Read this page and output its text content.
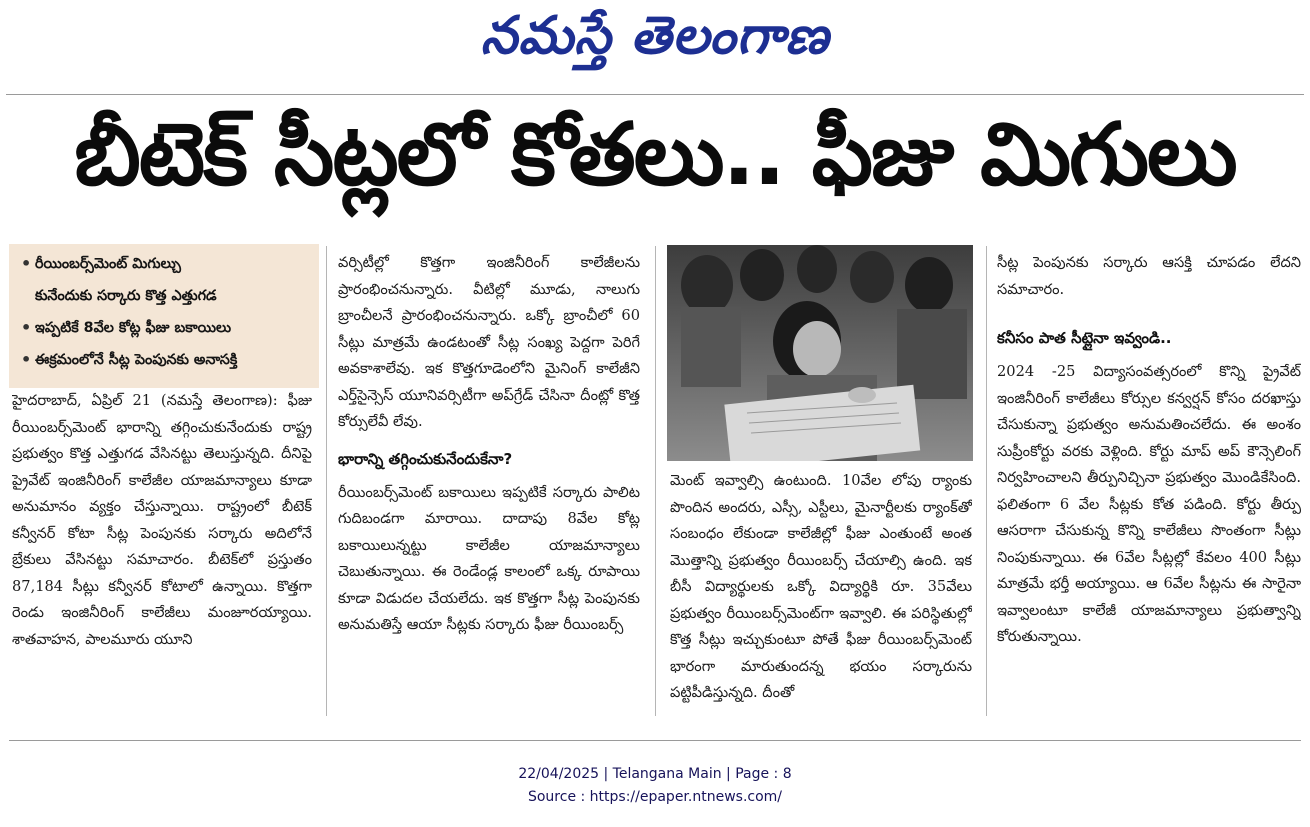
నమస్తే తెలంగాణ
బీటెక్ సీట్లలో కోతలు.. ఫీజు మిగులు
• రీయింబర్స్‌మెంట్ మిగుల్చు
కునేందుకు సర్కారు కొత్త ఎత్తుగడ
• ఇప్పటికే 8వేల కోట్ల ఫీజు బకాయిలు
• ఈక్రమంలోనే సీట్ల పెంపునకు అనాసక్తి

హైదరాబాద్, ఏప్రిల్ 21 (నమస్తే తెలంగాణ): ఫీజు రీయింబర్స్‌మెంట్ భారాన్ని తగ్గించుకునేందుకు రాష్ట్ర ప్రభుత్వం కొత్త ఎత్తుగడ వేసినట్టు తెలుస్తున్నది. దీనిపై ప్రైవేట్ ఇంజినీరింగ్ కాలేజీల యాజమాన్యాలు కూడా అనుమానం వ్యక్తం చేస్తున్నాయి. రాష్ట్రంలో బీటెక్ కన్వీనర్ కోటా సీట్ల పెంపునకు సర్కారు అదిలోనే బ్రేకులు వేసినట్టు సమాచారం. బీటెక్‌లో ప్రస్తుతం 87,184 సీట్లు కన్వీనర్ కోటాలో ఉన్నాయి. కొత్తగా రెండు ఇంజినీరింగ్ కాలేజీలు మంజూరయ్యాయి. శాతవాహన, పాలమూరు యూని

వర్సిటీల్లో కొత్తగా ఇంజినీరింగ్ కాలేజీలను ప్రారంభించనున్నారు. వీటిల్లో మూడు, నాలుగు బ్రాంచీలనే ప్రారంభించనున్నారు. ఒక్కో బ్రాంచీలో 60 సీట్లు మాత్రమే ఉండటంతో సీట్ల సంఖ్య పెద్దగా పెరిగే అవకాశాలేవు. ఇక కొత్తగూడెంలోని మైనింగ్ కాలేజీని ఎర్త్‌సైన్సెస్ యూనివర్సిటీగా అప్‌గ్రేడ్ చేసినా దీంట్లో కొత్త కోర్సులేవీ లేవు.

భారాన్ని తగ్గించుకునేందుకేనా?

రీయింబర్స్‌మెంట్ బకాయిలు ఇప్పటికే సర్కారు పాలిట గుదిబండగా మారాయి. దాదాపు 8వేల కోట్ల బకాయిలున్నట్టు కాలేజీల యాజమాన్యాలు చెబుతున్నాయి. ఈ రెండేండ్ల కాలంలో ఒక్క రూపాయి కూడా విడుదల చేయలేదు. ఇక కొత్తగా సీట్ల పెంపునకు అనుమతిస్తే ఆయా సీట్లకు సర్కారు ఫీజు రీయింబర్స్

మెంట్ ఇవ్వాల్సి ఉంటుంది. 10వేల లోపు ర్యాంకు పొందిన అందరు, ఎస్సీ, ఎస్టీలు, మైనార్టీలకు ర్యాంక్‌తో సంబంధం లేకుండా కాలేజీల్లో ఫీజు ఎంతుంటే అంత మొత్తాన్ని ప్రభుత్వం రీయింబర్స్ చేయాల్సి ఉంది. ఇక బీసీ విద్యార్థులకు ఒక్కో విద్యార్థికి రూ. 35వేలు ప్రభుత్వం రీయింబర్స్‌మెంట్‌గా ఇవ్వాలి. ఈ పరిస్థితుల్లో కొత్త సీట్లు ఇచ్చుకుంటూ పోతే ఫీజు రీయింబర్స్‌మెంట్ భారంగా మారుతుందన్న భయం సర్కారును పట్టిపీడిస్తున్నది. దీంతో

సీట్ల పెంపునకు సర్కారు ఆసక్తి చూపడం లేదని సమాచారం.

కనీసం పాత సీట్లైనా ఇవ్వండి..

2024 -25 విద్యాసంవత్సరంలో కొన్ని ప్రైవేట్ ఇంజినీరింగ్ కాలేజీలు కోర్సుల కన్వర్షన్ కోసం దరఖాస్తు చేసుకున్నా ప్రభుత్వం అనుమతించలేదు. ఈ అంశం సుప్రీంకోర్టు వరకు వెళ్లింది. కోర్టు మాప్ అప్ కౌన్సెలింగ్ నిర్వహించాలని తీర్పునిచ్చినా ప్రభుత్వం మొండికేసింది. ఫలితంగా 6 వేల సీట్లకు కోత పడింది. కోర్టు తీర్పు ఆసరాగా చేసుకున్న కొన్ని కాలేజీలు సొంతంగా సీట్లు నింపుకున్నాయి. ఈ 6వేల సీట్లల్లో కేవలం 400 సీట్లు మాత్రమే భర్తీ అయ్యాయి. ఆ 6వేల సీట్లను ఈ సారైనా ఇవ్వాలంటూ కాలేజీ యాజమాన్యాలు ప్రభుత్వాన్ని కోరుతున్నాయి.

22/04/2025 | Telangana Main | Page : 8
Source : https://epaper.ntnews.com/
